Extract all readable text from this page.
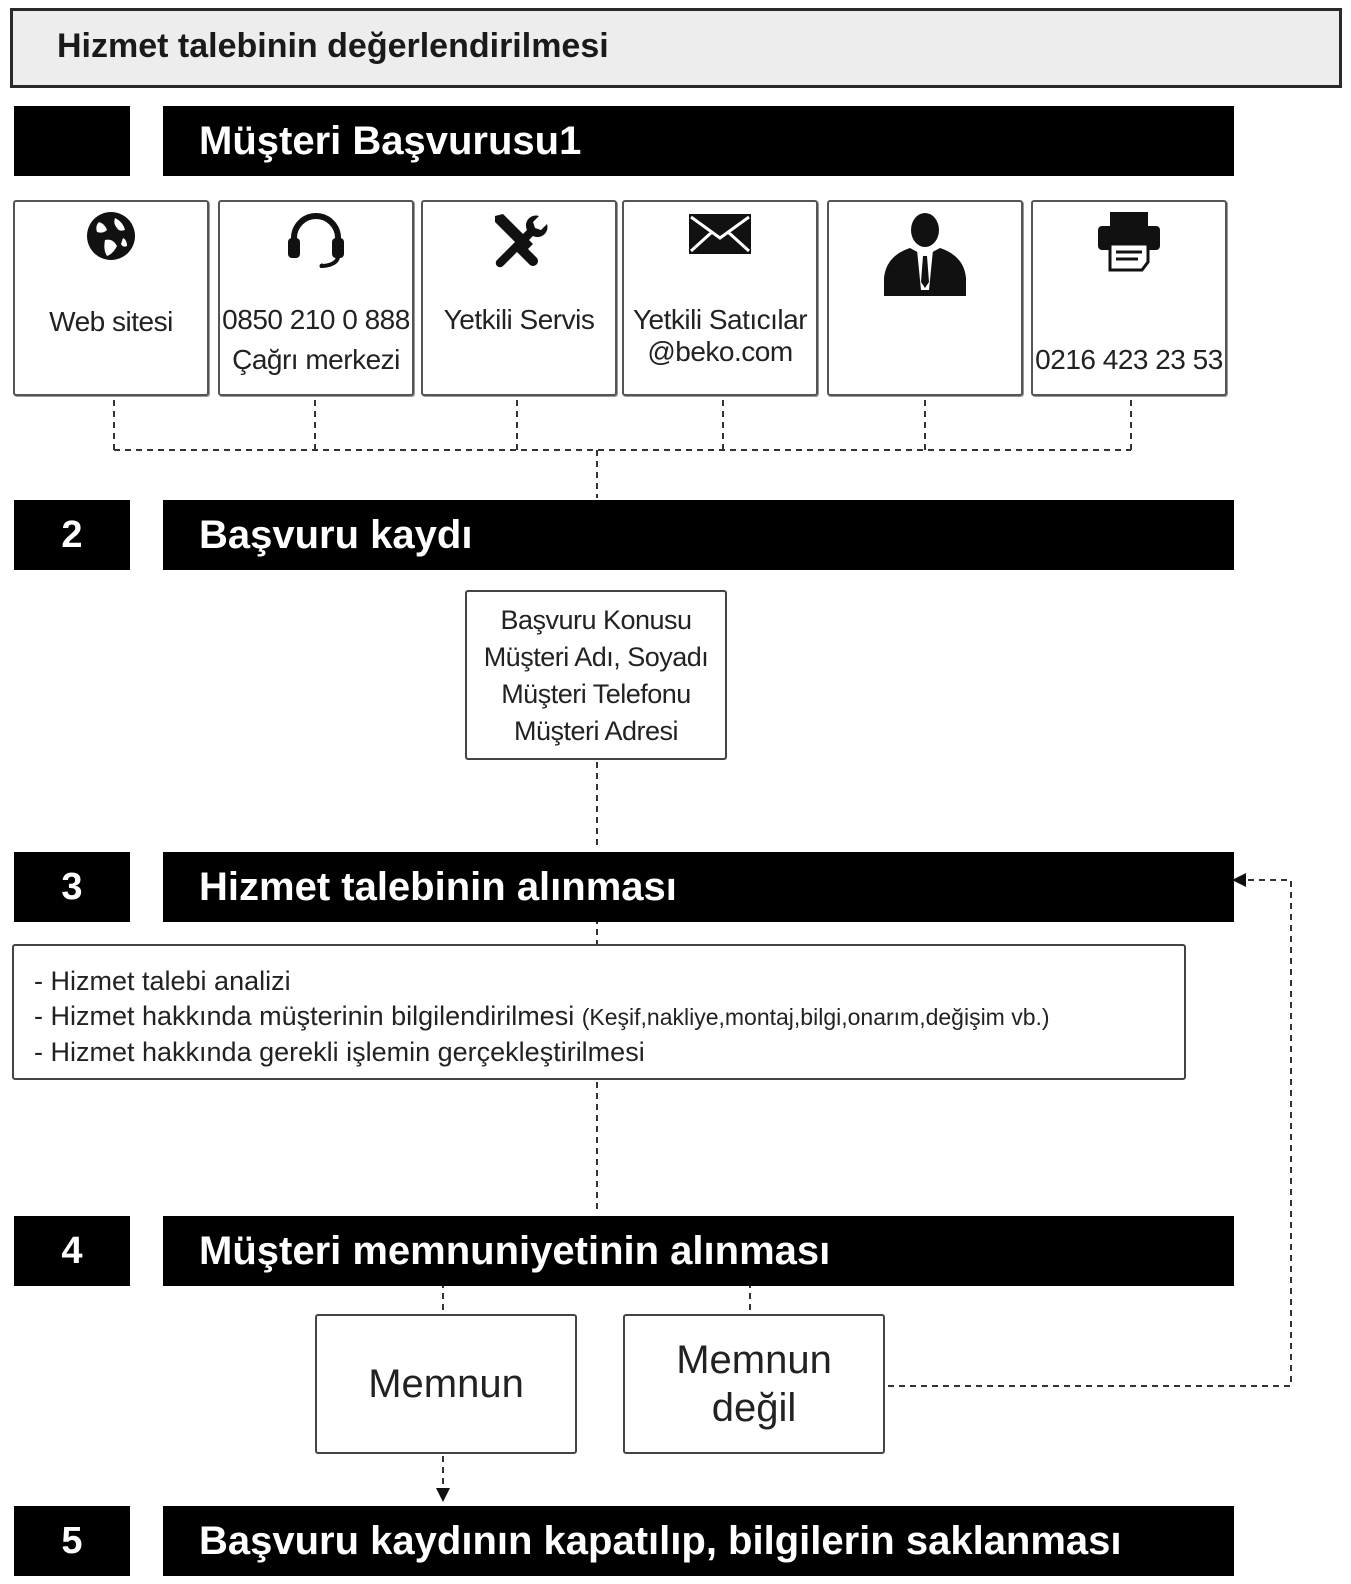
Hizmet talebinin değerlendirilmesi
Müşteri Başvurusu1
Web sitesi	0850 210 0 888
Çağrı merkezi
Yetkili Servis	Yetkili Satıcılar
@beko.com	0216 423 23 53
2	Başvuru kaydı
Başvuru Konusu
Müşteri Adı, Soyadı
Müşteri Telefonu
Müşteri Adresi
3	Hizmet talebinin alınması
- Hizmet talebi analizi
- Hizmet hakkında müşterinin bilgilendirilmesi (Keşif,nakliye,montaj,bilgi,onarım,değişim vb.)
- Hizmet hakkında gerekli işlemin gerçekleştirilmesi
4	Müşteri memnuniyetinin alınması
Memnun
Memnun
değil
5	Başvuru kaydının kapatılıp, bilgilerin saklanması
